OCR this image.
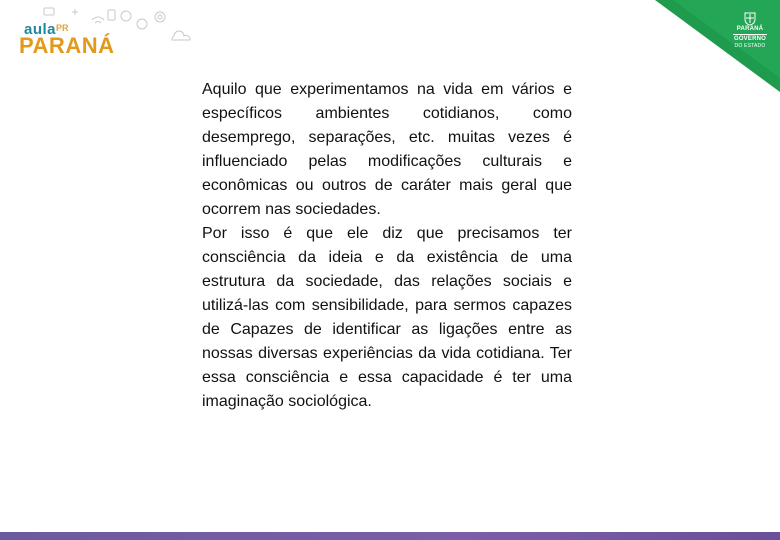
aula PR
PARANÁ
PARANÁ
GOVERNO
DO ESTADO

Aquilo que experimentamos na vida em vários e específicos ambientes cotidianos, como desemprego, separações, etc. muitas vezes é influenciado pelas modificações culturais e econômicas ou outros de caráter mais geral que ocorrem nas sociedades.

Por isso é que ele diz que precisamos ter consciência da ideia e da existência de uma estrutura da sociedade, das relações sociais e utilizá-las com sensibilidade, para sermos capazes de Capazes de identificar as ligações entre as nossas diversas experiências da vida cotidiana. Ter essa consciência e essa capacidade é ter uma imaginação sociológica.
